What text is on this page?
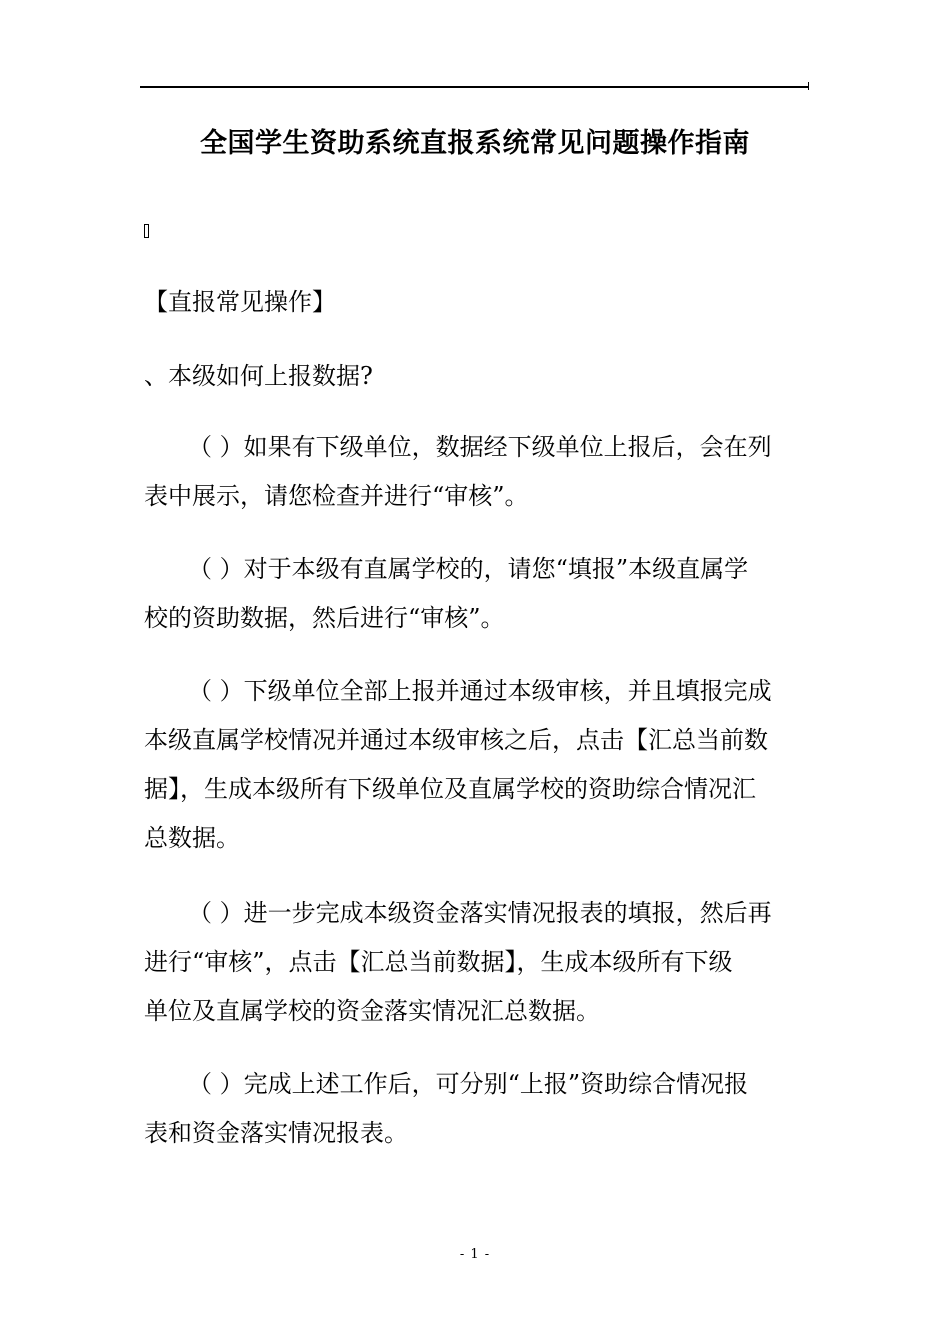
全国学生资助系统直报系统常见问题操作指南
【直报常见操作】
、本级如何上报数据?
（ ）如果有下级单位，数据经下级单位上报后，会在列
表中展示，请您检查并进行“审核”。
（ ）对于本级有直属学校的，请您“填报”本级直属学
校的资助数据，然后进行“审核”。
（ ）下级单位全部上报并通过本级审核，并且填报完成
本级直属学校情况并通过本级审核之后，点击【汇总当前数
据】，生成本级所有下级单位及直属学校的资助综合情况汇
总数据。
（ ）进一步完成本级资金落实情况报表的填报，然后再
进行“审核”，点击【汇总当前数据】，生成本级所有下级
单位及直属学校的资金落实情况汇总数据。
（ ）完成上述工作后，可分别“上报”资助综合情况报
表和资金落实情况报表。
- 1 -
